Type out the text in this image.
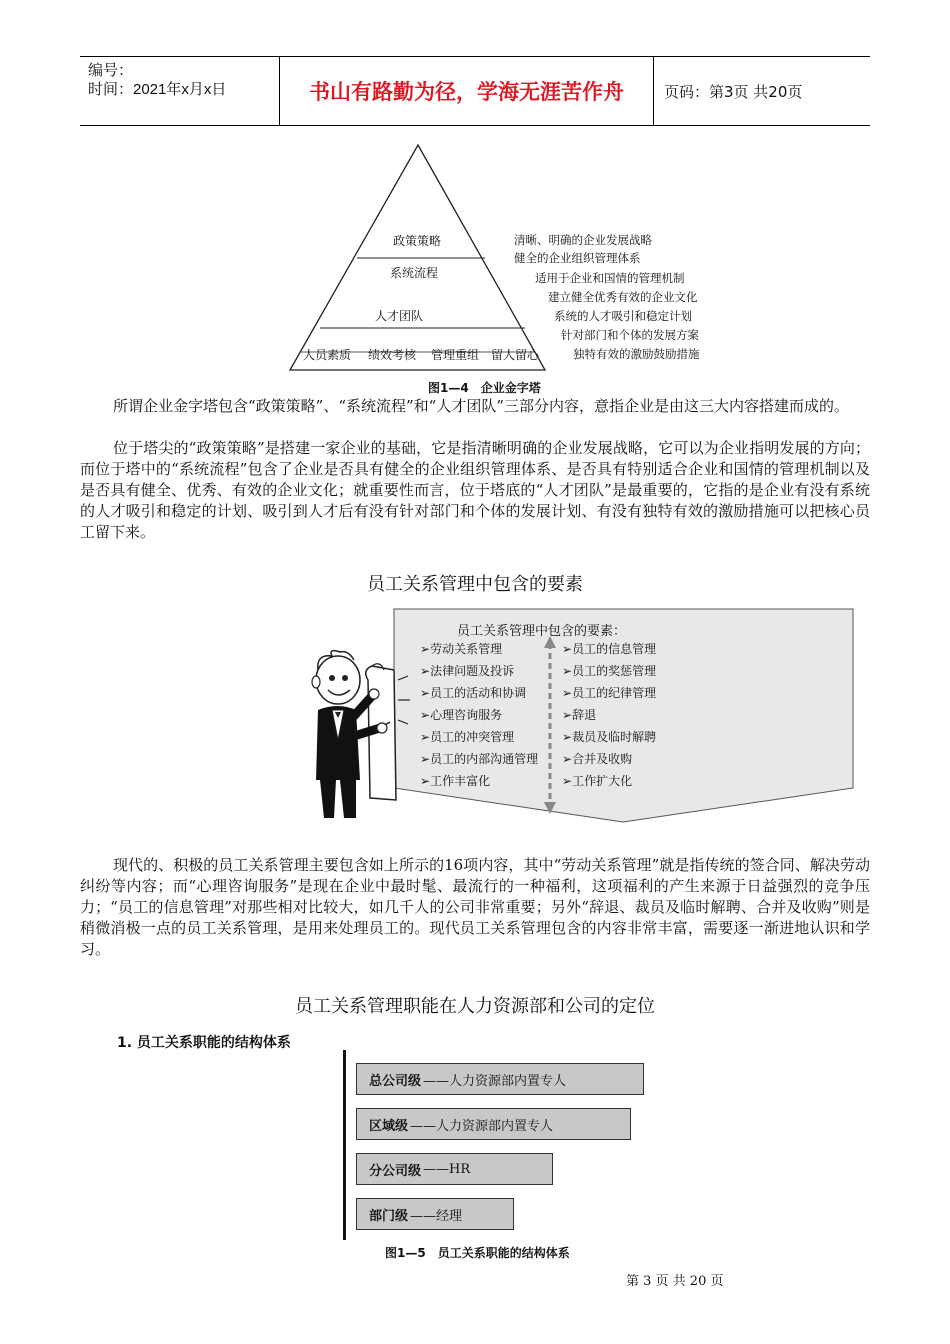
编号：
时间：2021年x月x日	书山有路勤为径，学海无涯苦作舟	页码：第3页 共20页
政策策略
系统流程
人才团队
人员素质 绩效考核 管理重组 留人留心
清晰、明确的企业发展战略
健全的企业组织管理体系
适用于企业和国情的管理机制
建立健全优秀有效的企业文化
系统的人才吸引和稳定计划
针对部门和个体的发展方案
独特有效的激励鼓励措施
图1—4　企业金字塔
所谓企业金字塔包含“政策策略”、“系统流程”和“人才团队”三部分内容，意指企业是由这三大内容搭建而成的。
位于塔尖的“政策策略”是搭建一家企业的基础，它是指清晰明确的企业发展战略，它可以为企业指明发展的方向；而位于塔中的“系统流程”包含了企业是否具有健全的企业组织管理体系、是否具有特别适合企业和国情的管理机制以及是否具有健全、优秀、有效的企业文化；就重要性而言，位于塔底的“人才团队”是最重要的，它指的是企业有没有系统的人才吸引和稳定的计划、吸引到人才后有没有针对部门和个体的发展计划、有没有独特有效的激励措施可以把核心员工留下来。
员工关系管理中包含的要素
员工关系管理中包含的要素：
➢劳动关系管理
➢法律问题及投诉
➢员工的活动和协调
➢心理咨询服务
➢员工的冲突管理
➢员工的内部沟通管理
➢工作丰富化
➢员工的信息管理
➢员工的奖惩管理
➢员工的纪律管理
➢辞退
➢裁员及临时解聘
➢合并及收购
➢工作扩大化
现代的、积极的员工关系管理主要包含如上所示的16项内容，其中“劳动关系管理”就是指传统的签合同、解决劳动纠纷等内容；而“心理咨询服务”是现在企业中最时髦、最流行的一种福利，这项福利的产生来源于日益强烈的竞争压力；“员工的信息管理”对那些相对比较大，如几千人的公司非常重要；另外“辞退、裁员及临时解聘、合并及收购”则是稍微消极一点的员工关系管理，是用来处理员工的。现代员工关系管理包含的内容非常丰富，需要逐一渐进地认识和学习。
员工关系管理职能在人力资源部和公司的定位
1. 员工关系职能的结构体系
总公司级 ——人力资源部内置专人
区域级 ——人力资源部内置专人
分公司级 ——HR
部门级 ——经理
图1—5　员工关系职能的结构体系
第 3 页 共 20 页
